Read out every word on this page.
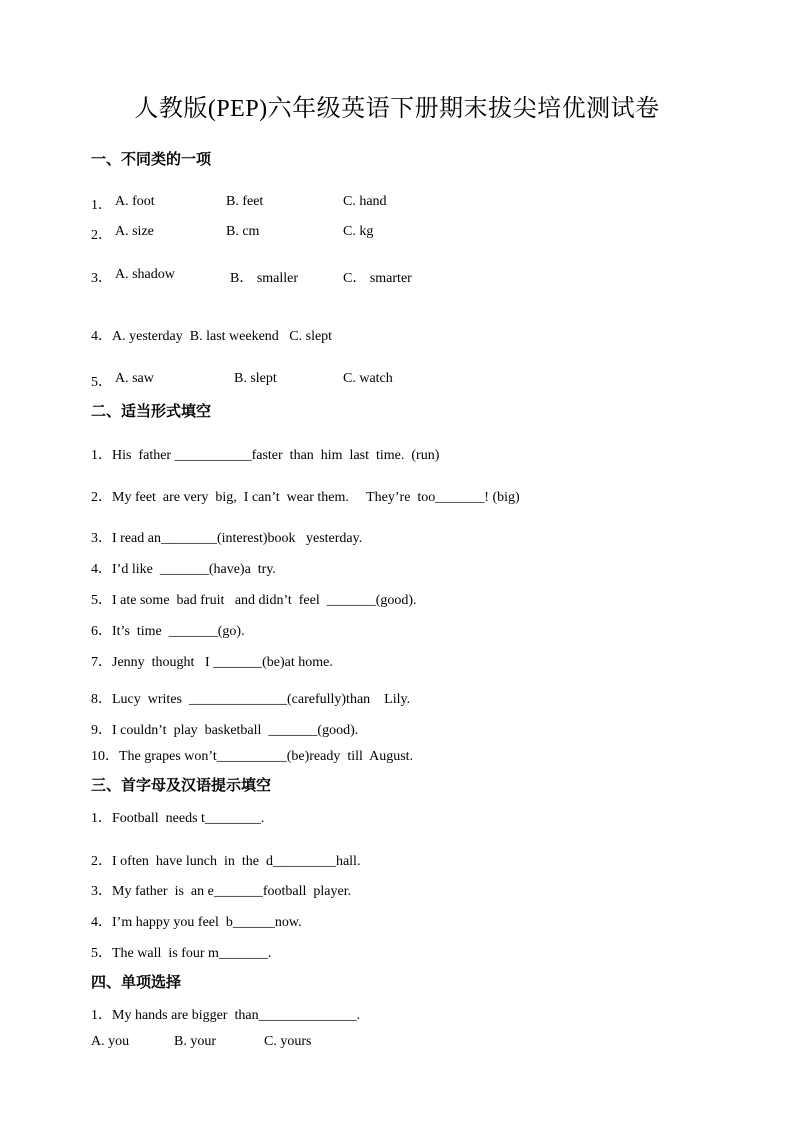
人教版(PEP)六年级英语下册期末拔尖培优测试卷
一、不同类的一项
1． A. foot	B. feet	C. hand
2． A. size	B. cm	C. kg
3． A. shadow	B． smaller	C． smarter
4．A. yesterday  B. last weekend   C. slept
5． A. saw	B. slept	C. watch
二、适当形式填空
1．His  father ___________faster  than  him  last  time.  (run)
2．My feet  are very  big,  I can’t  wear them.     They’re  too_______! (big)
3．I read an________(interest)book   yesterday.
4．I’d like  _______(have)a  try.
5．I ate some  bad fruit   and didn’t  feel  _______(good).
6．It’s  time  _______(go).
7．Jenny  thought   I _______(be)at home.
8．Lucy  writes  ______________(carefully)than    Lily.
9．I couldn’t  play  basketball  _______(good).
10．The grapes won’t__________(be)ready  till  August.
三、首字母及汉语提示填空
1．Football  needs t________.
2．I often  have lunch  in  the  d_________hall.
3．My father  is  an e_______football  player.
4．I’m happy you feel  b______now.
5．The wall  is four m_______.
四、单项选择
1．My hands are bigger  than______________.
A. you	B. your	C. yours
